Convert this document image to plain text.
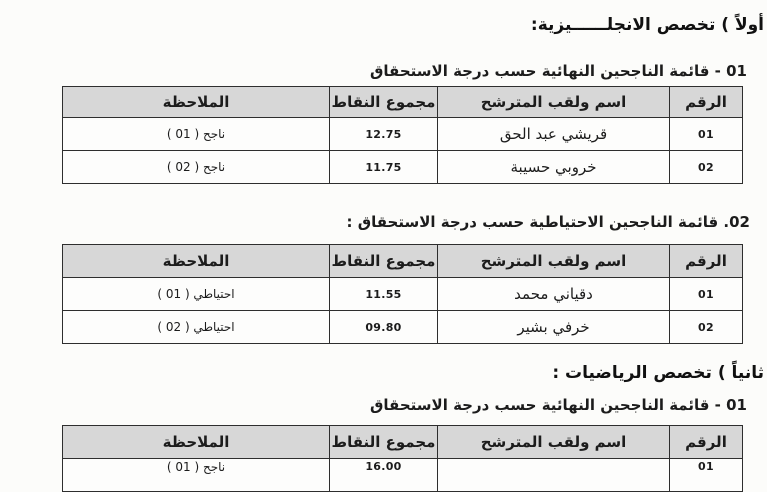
أولاً ) تخصص الانجلــــــيزية:
01 - قائمة الناجحين النهائية حسب درجة الاستحقاق
الرقم	اسم ولقب المترشح	مجموع النقاط	الملاحظة
01	قريشي عبد الحق	12.75	ناجح ( 01 )
02	خروبي حسيبة	11.75	ناجح ( 02 )
02. قائمة الناجحين الاحتياطية حسب درجة الاستحقاق :
الرقم	اسم ولقب المترشح	مجموع النقاط	الملاحظة
01	دقياني محمد	11.55	احتياطي ( 01 )
02	خرفي بشير	09.80	احتياطي ( 02 )
ثانياً ) تخصص الرياضيات :
01 - قائمة الناجحين النهائية حسب درجة الاستحقاق
الرقم	اسم ولقب المترشح	مجموع النقاط	الملاحظة
01		16.00	ناجح ( 01 )
